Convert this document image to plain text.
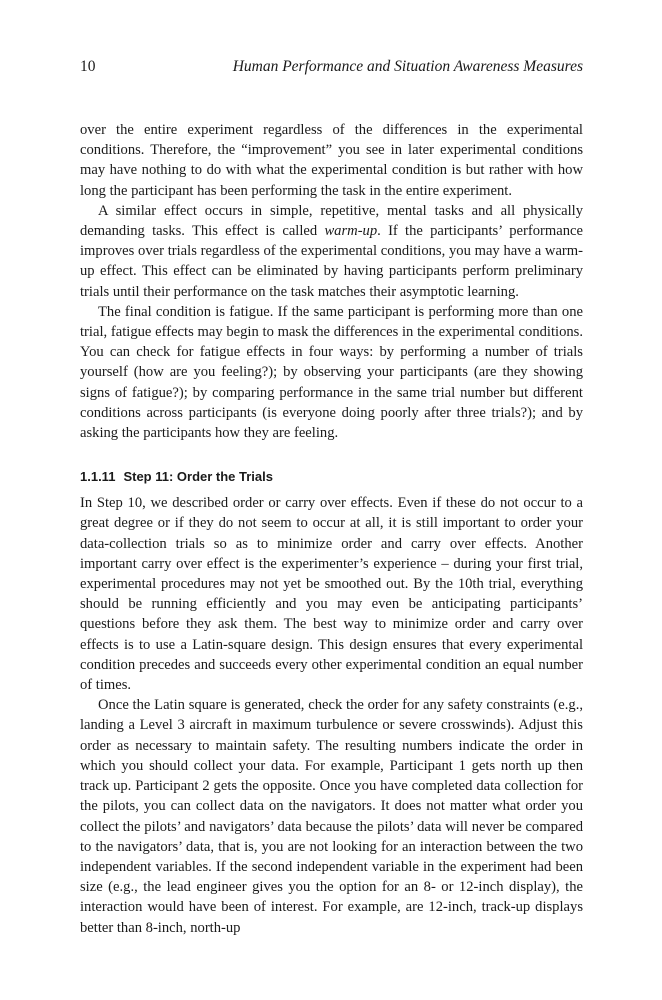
10	Human Performance and Situation Awareness Measures

over the entire experiment regardless of the differences in the experimental conditions. Therefore, the “improvement” you see in later experimental conditions may have nothing to do with what the experimental condition is but rather with how long the participant has been performing the task in the entire experiment.

A similar effect occurs in simple, repetitive, mental tasks and all physically demanding tasks. This effect is called warm-up. If the participants’ performance improves over trials regardless of the experimental conditions, you may have a warm-up effect. This effect can be eliminated by having participants perform preliminary trials until their performance on the task matches their asymptotic learning.

The final condition is fatigue. If the same participant is performing more than one trial, fatigue effects may begin to mask the differences in the experimental conditions. You can check for fatigue effects in four ways: by performing a number of trials yourself (how are you feeling?); by observing your participants (are they showing signs of fatigue?); by comparing performance in the same trial number but different conditions across participants (is everyone doing poorly after three trials?); and by asking the participants how they are feeling.

1.1.11 Step 11: Order the Trials

In Step 10, we described order or carry over effects. Even if these do not occur to a great degree or if they do not seem to occur at all, it is still important to order your data-collection trials so as to minimize order and carry over effects. Another important carry over effect is the experimenter’s experience – during your first trial, experimental procedures may not yet be smoothed out. By the 10th trial, everything should be running efficiently and you may even be anticipating participants’ questions before they ask them. The best way to minimize order and carry over effects is to use a Latin-square design. This design ensures that every experimental condition precedes and succeeds every other experimental condition an equal number of times.

Once the Latin square is generated, check the order for any safety constraints (e.g., landing a Level 3 aircraft in maximum turbulence or severe crosswinds). Adjust this order as necessary to maintain safety. The resulting numbers indicate the order in which you should collect your data. For example, Participant 1 gets north up then track up. Participant 2 gets the opposite. Once you have completed data collection for the pilots, you can collect data on the navigators. It does not matter what order you collect the pilots’ and navigators’ data because the pilots’ data will never be compared to the navigators’ data, that is, you are not looking for an interaction between the two independent variables. If the second independent variable in the experiment had been size (e.g., the lead engineer gives you the option for an 8- or 12-inch display), the interaction would have been of interest. For example, are 12-inch, track-up displays better than 8-inch, north-up
